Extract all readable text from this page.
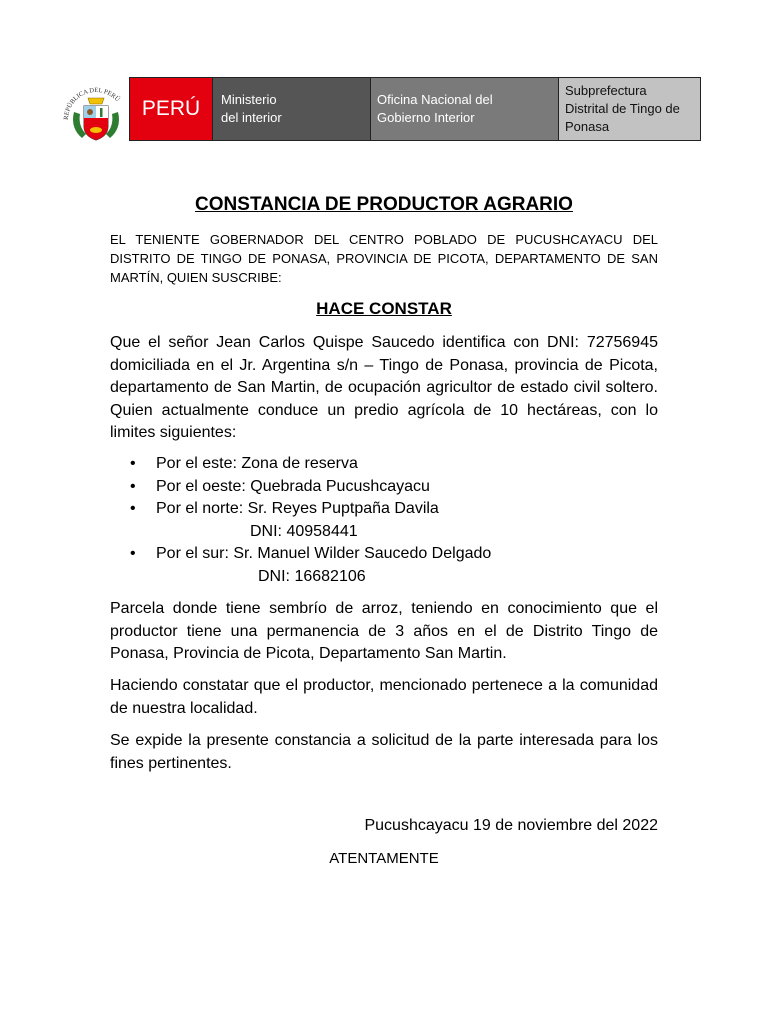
REPÚBLICA DEL PERÚ PERÚ Ministerio
del interior
Oficina Nacional del
Gobierno Interior
Subprefectura
Distrital de Tingo de
Ponasa
CONSTANCIA DE PRODUCTOR AGRARIO
EL TENIENTE GOBERNADOR DEL CENTRO POBLADO DE PUCUSHCAYACU DEL DISTRITO DE TINGO DE PONASA, PROVINCIA DE PICOTA, DEPARTAMENTO DE SAN MARTÍN, QUIEN SUSCRIBE:
HACE CONSTAR
Que el señor Jean Carlos Quispe Saucedo identifica con DNI: 72756945 domiciliada en el Jr. Argentina s/n – Tingo de Ponasa, provincia de Picota, departamento de San Martin, de ocupación agricultor de estado civil soltero. Quien actualmente conduce un predio agrícola de 10 hectáreas, con lo limites siguientes:
• Por el este: Zona de reserva
• Por el oeste: Quebrada Pucushcayacu
• Por el norte: Sr. Reyes Puptpaña Davila
DNI: 40958441
• Por el sur: Sr. Manuel Wilder Saucedo Delgado
DNI: 16682106
Parcela donde tiene sembrío de arroz, teniendo en conocimiento que el productor tiene una permanencia de 3 años en el de Distrito Tingo de Ponasa, Provincia de Picota, Departamento San Martin.
Haciendo constatar que el productor, mencionado pertenece a la comunidad de nuestra localidad.
Se expide la presente constancia a solicitud de la parte interesada para los fines pertinentes.
Pucushcayacu 19 de noviembre del 2022
ATENTAMENTE
